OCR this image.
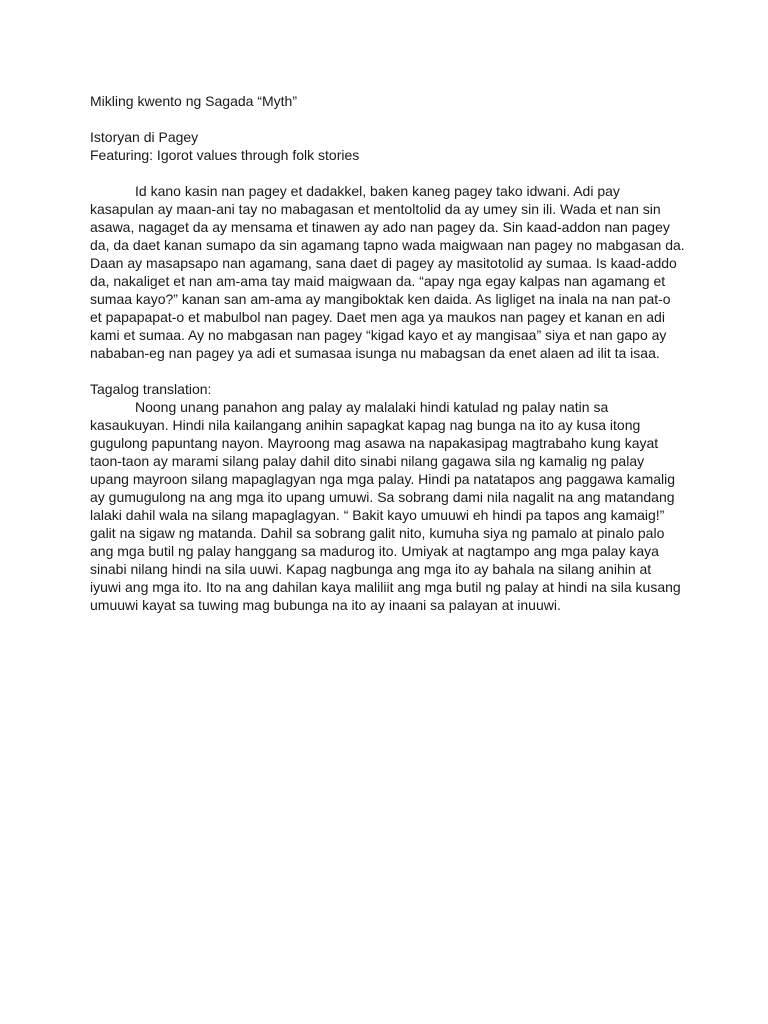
Mikling kwento ng Sagada “Myth”

Istoryan di Pagey

Featuring: Igorot values through folk stories

Id kano kasin nan pagey et dadakkel, baken kaneg pagey tako idwani. Adi pay
kasapulan ay maan-ani tay no mabagasan et mentoltolid da ay umey sin ili. Wada et nan sin
asawa, nagaget da ay mensama et tinawen ay ado nan pagey da. Sin kaad-addon nan pagey
da, da daet kanan sumapo da sin agamang tapno wada maigwaan nan pagey no mabgasan da.
Daan ay masapsapo nan agamang, sana daet di pagey ay masitotolid ay sumaa. Is kaad-addo
da, nakaliget et nan am-ama tay maid maigwaan da. “apay nga egay kalpas nan agamang et
sumaa kayo?” kanan san am-ama ay mangiboktak ken daida. As ligliget na inala na nan pat-o
et papapapat-o et mabulbol nan pagey. Daet men aga ya maukos nan pagey et kanan en adi
kami et sumaa. Ay no mabgasan nan pagey “kigad kayo et ay mangisaa” siya et nan gapo ay
nababan-eg nan pagey ya adi et sumasaa isunga nu mabagsan da enet alaen ad ilit ta isaa.

Tagalog translation:

Noong unang panahon ang palay ay malalaki hindi katulad ng palay natin sa
kasaukuyan. Hindi nila kailangang anihin sapagkat kapag nag bunga na ito ay kusa itong
gugulong papuntang nayon. Mayroong mag asawa na napakasipag magtrabaho kung kayat
taon-taon ay marami silang palay dahil dito sinabi nilang gagawa sila ng kamalig ng palay
upang mayroon silang mapaglagyan nga mga palay. Hindi pa natatapos ang paggawa kamalig
ay gumugulong na ang mga ito upang umuwi. Sa sobrang dami nila nagalit na ang matandang
lalaki dahil wala na silang mapaglagyan. “ Bakit kayo umuuwi eh hindi pa tapos ang kamaig!”
galit na sigaw ng matanda. Dahil sa sobrang galit nito, kumuha siya ng pamalo at pinalo palo
ang mga butil ng palay hanggang sa madurog ito. Umiyak at nagtampo ang mga palay kaya
sinabi nilang hindi na sila uuwi. Kapag nagbunga ang mga ito ay bahala na silang anihin at
iyuwi ang mga ito. Ito na ang dahilan kaya maliliit ang mga butil ng palay at hindi na sila kusang
umuuwi kayat sa tuwing mag bubunga na ito ay inaani sa palayan at inuuwi.
